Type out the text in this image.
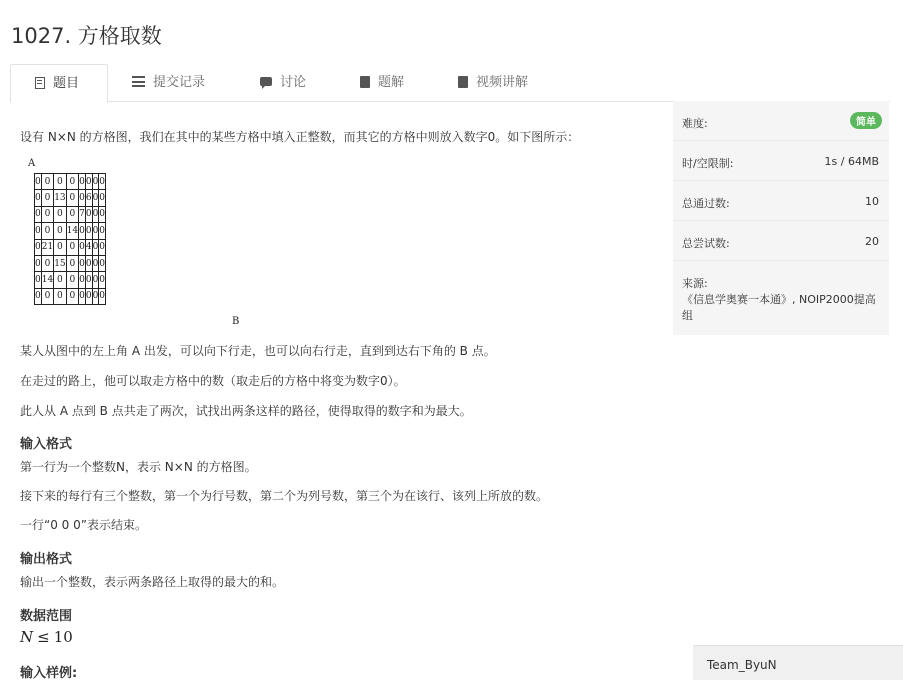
1027. 方格取数
题目	提交记录	讨论	题解	视频讲解
设有 N×N 的方格图，我们在其中的某些方格中填入正整数，而其它的方格中则放入数字0。如下图所示：
A
0	0	0	0	0	0	0	0
0	0	13	0	0	6	0	0
0	0	0	0	7	0	0	0
0	0	0	14	0	0	0	0
0	21	0	0	0	4	0	0
0	0	15	0	0	0	0	0
0	14	0	0	0	0	0	0
0	0	0	0	0	0	0	0
B
某人从图中的左上角 A 出发，可以向下行走，也可以向右行走，直到到达右下角的 B 点。
在走过的路上，他可以取走方格中的数（取走后的方格中将变为数字0）。
此人从 A 点到 B 点共走了两次，试找出两条这样的路径，使得取得的数字和为最大。
输入格式
第一行为一个整数N，表示 N×N 的方格图。
接下来的每行有三个整数，第一个为行号数，第二个为列号数，第三个为在该行、该列上所放的数。
一行“0 0 0”表示结束。
输出格式
输出一个整数，表示两条路径上取得的最大的和。
数据范围
N ≤ 10
输入样例:
难度:	简单
时/空限制:	1s / 64MB
总通过数:	10
总尝试数:	20
来源:
《信息学奥赛一本通》, NOIP2000提高组
Team_ByuN
